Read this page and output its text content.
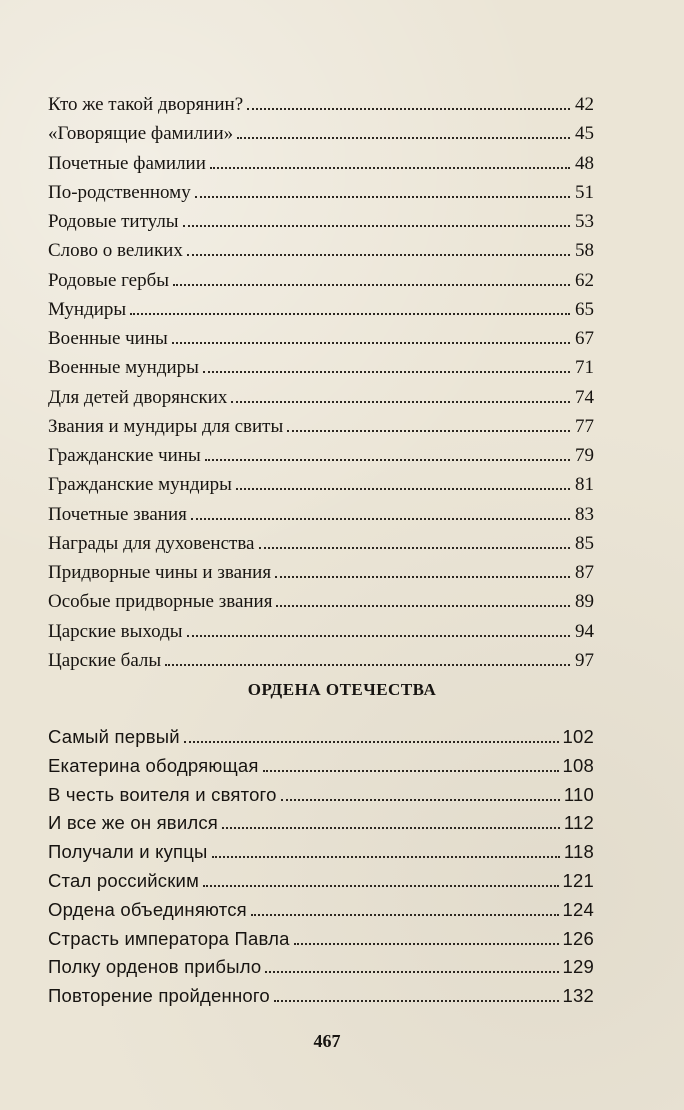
Кто же такой дворянин?	42
«Говорящие фамилии»	45
Почетные фамилии	48
По-родственному	51
Родовые титулы	53
Слово о великих	58
Родовые гербы	62
Мундиры	65
Военные чины	67
Военные мундиры	71
Для детей дворянских	74
Звания и мундиры для свиты	77
Гражданские чины	79
Гражданские мундиры	81
Почетные звания	83
Награды для духовенства	85
Придворные чины и звания	87
Особые придворные звания	89
Царские выходы	94
Царские балы	97
ОРДЕНА ОТЕЧЕСТВА
Самый первый	102
Екатерина ободряющая	108
В честь воителя и святого	110
И все же он явился	112
Получали и купцы	118
Стал российским	121
Ордена объединяются	124
Страсть императора Павла	126
Полку орденов прибыло	129
Повторение пройденного	132
467
